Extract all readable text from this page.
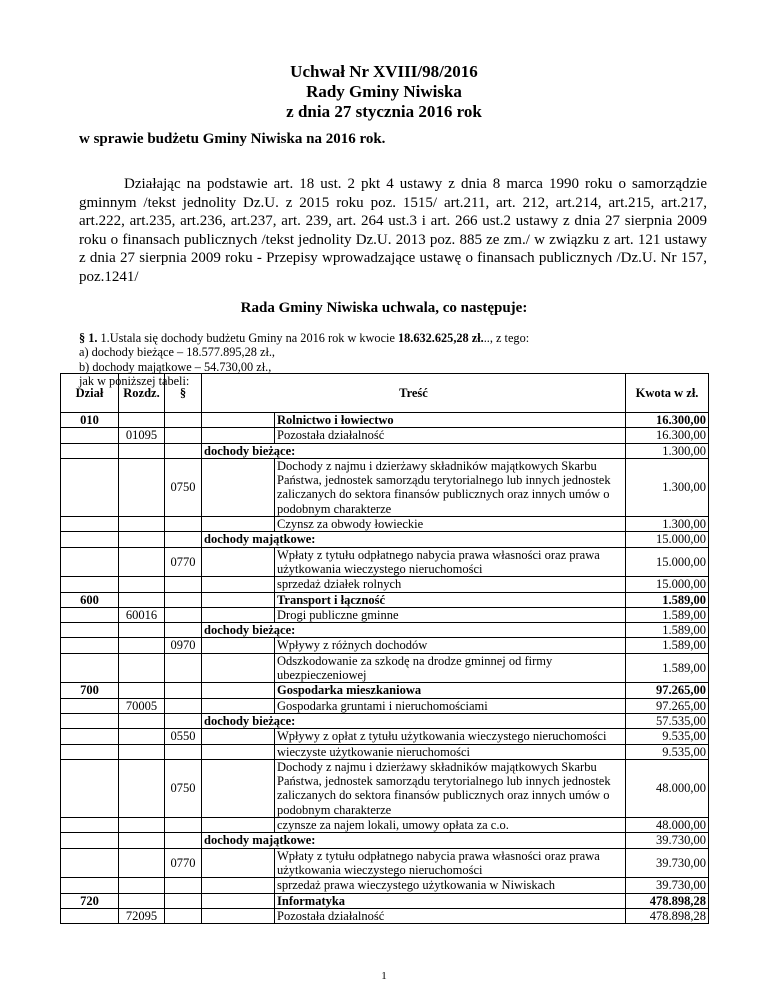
Uchwał Nr XVIII/98/2016
Rady Gminy Niwiska
z dnia 27 stycznia 2016 rok
w sprawie budżetu Gminy Niwiska na 2016 rok.
Działając na podstawie art. 18 ust. 2 pkt 4 ustawy z dnia 8 marca 1990 roku o samorządzie gminnym /tekst jednolity Dz.U. z 2015 roku poz. 1515/ art.211, art. 212, art.214, art.215, art.217, art.222, art.235, art.236, art.237, art. 239, art. 264 ust.3 i art. 266 ust.2 ustawy z dnia 27 sierpnia 2009 roku o finansach publicznych /tekst jednolity Dz.U. 2013 poz. 885 ze zm./ w związku z art. 121 ustawy z dnia 27 sierpnia 2009 roku - Przepisy wprowadzające ustawę o finansach publicznych /Dz.U. Nr 157, poz.1241/
Rada Gminy Niwiska uchwala, co następuje:
§ 1. 1.Ustala się dochody budżetu Gminy na 2016 rok w kwocie 18.632.625,28 zł..., z tego:
a) dochody bieżące – 18.577.895,28 zł.,
b) dochody majątkowe – 54.730,00 zł.,
jak w poniższej tabeli:
Dział	Rozdz.	§	Treść		Kwota w zł.
010				Rolnictwo i łowiectwo	16.300,00
	01095			Pozostała działalność	16.300,00
			dochody bieżące:		1.300,00
		0750		Dochody z najmu i dzierżawy składników majątkowych Skarbu Państwa, jednostek samorządu terytorialnego lub innych jednostek zaliczanych do sektora finansów publicznych oraz innych umów o podobnym charakterze	1.300,00
				Czynsz za obwody łowieckie	1.300,00
			dochody majątkowe:		15.000,00
		0770		Wpłaty z tytułu odpłatnego nabycia prawa własności oraz prawa użytkowania wieczystego nieruchomości	15.000,00
				sprzedaż działek rolnych	15.000,00
600				Transport i łączność	1.589,00
	60016			Drogi publiczne gminne	1.589,00
			dochody bieżące:		1.589,00
		0970		Wpływy z różnych dochodów	1.589,00
				Odszkodowanie za szkodę na drodze gminnej od firmy ubezpieczeniowej	1.589,00
700				Gospodarka mieszkaniowa	97.265,00
	70005			Gospodarka gruntami i nieruchomościami	97.265,00
			dochody bieżące:		57.535,00
		0550		Wpływy z opłat z tytułu użytkowania wieczystego nieruchomości	9.535,00
				wieczyste użytkowanie nieruchomości	9.535,00
		0750		Dochody z najmu i dzierżawy składników majątkowych Skarbu Państwa, jednostek samorządu terytorialnego lub innych jednostek zaliczanych do sektora finansów publicznych oraz innych umów o podobnym charakterze	48.000,00
				czynsze za najem lokali, umowy opłata za c.o.	48.000,00
			dochody majątkowe:		39.730,00
		0770		Wpłaty z tytułu odpłatnego nabycia prawa własności oraz prawa użytkowania wieczystego nieruchomości	39.730,00
				sprzedaż prawa wieczystego użytkowania w Niwiskach	39.730,00
720				Informatyka	478.898,28
	72095			Pozostała działalność	478.898,28
1
